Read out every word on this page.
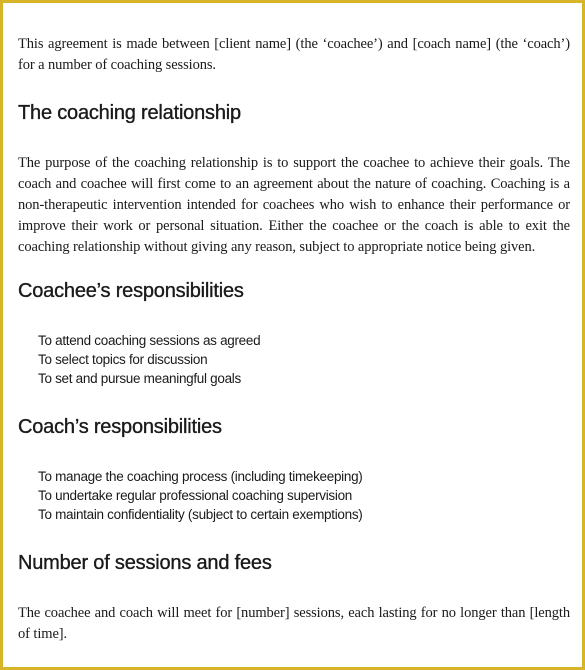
This agreement is made between [client name] (the ‘coachee’) and [coach name] (the ‘coach’) for a number of coaching sessions.

The coaching relationship

The purpose of the coaching relationship is to support the coachee to achieve their goals. The coach and coachee will first come to an agreement about the nature of coaching. Coaching is a non-therapeutic intervention intended for coachees who wish to enhance their performance or improve their work or personal situation. Either the coachee or the coach is able to exit the coaching relationship without giving any reason, subject to appropriate notice being given.

Coachee’s responsibilities
To attend coaching sessions as agreed
To select topics for discussion
To set and pursue meaningful goals
Coach’s responsibilities
To manage the coaching process (including timekeeping)
To undertake regular professional coaching supervision
To maintain confidentiality (subject to certain exemptions)
Number of sessions and fees

The coachee and coach will meet for [number] sessions, each lasting for no longer than [length of time].
